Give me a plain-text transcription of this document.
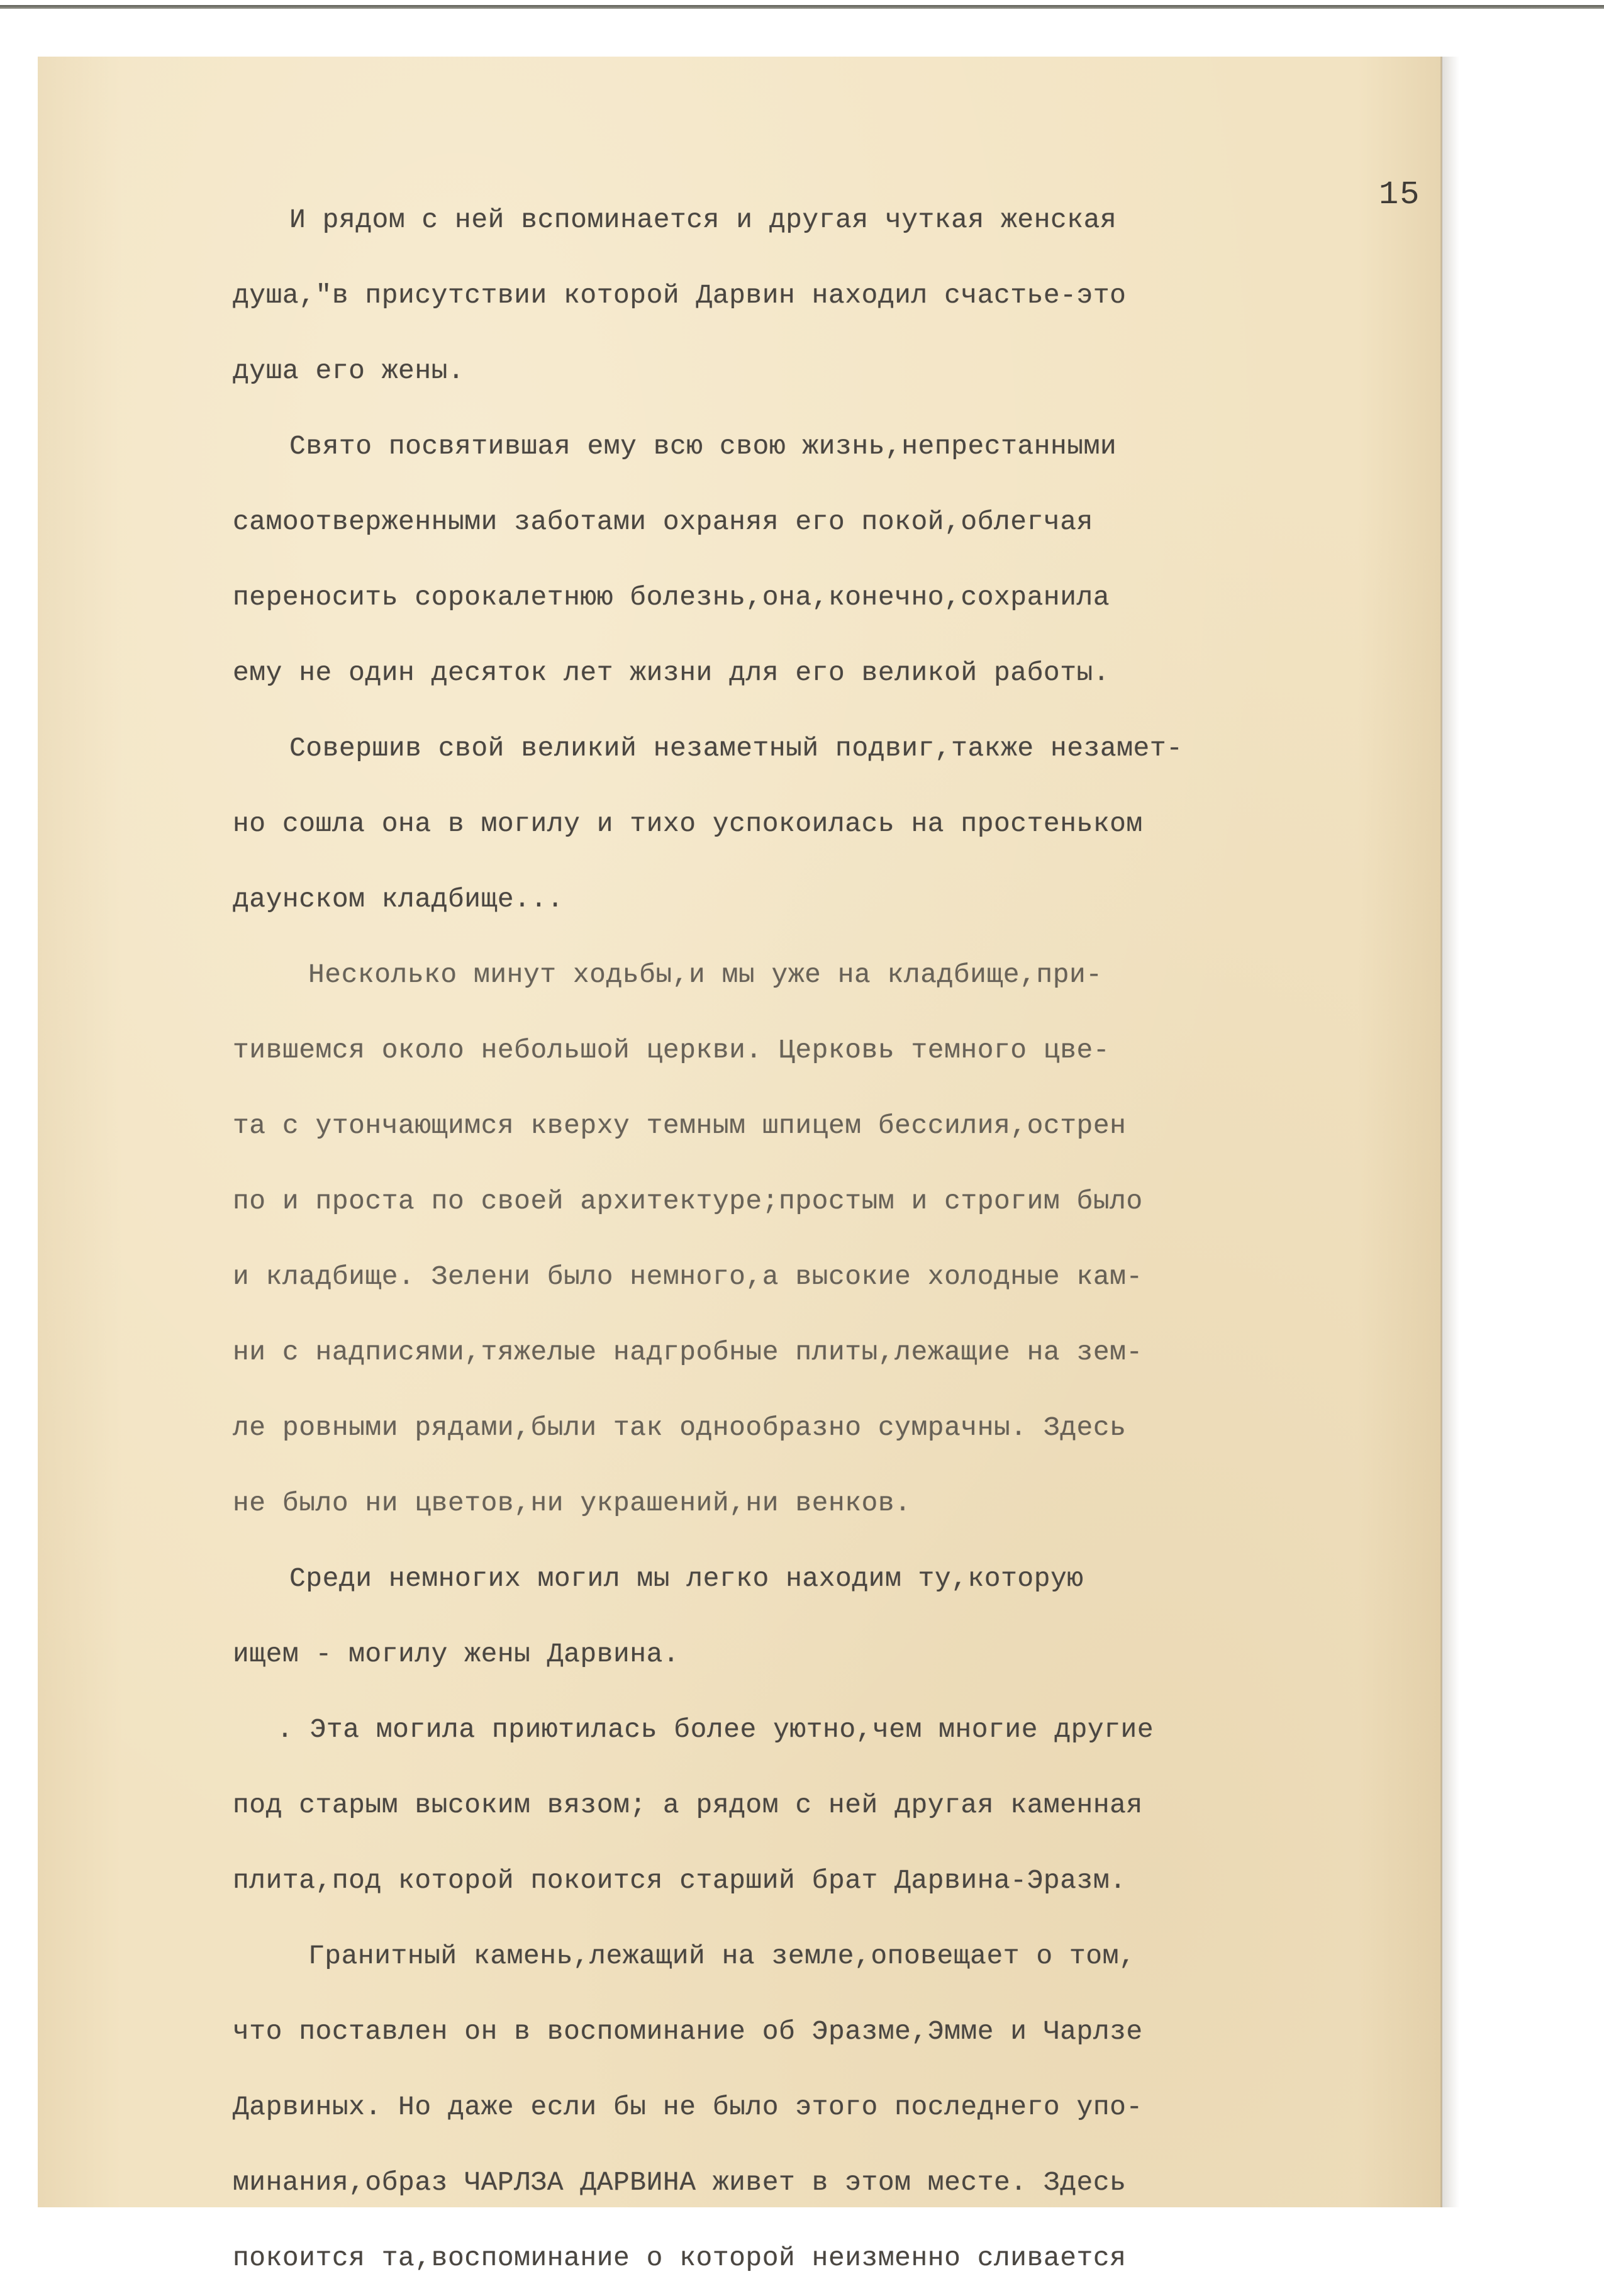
15
И рядом с ней вспоминается и другая чуткая женская
душа,"в присутствии которой Дарвин находил счастье-это
душа его жены.
Свято посвятившая ему всю свою жизнь,непрестанными
самоотверженными заботами охраняя его покой,облегчая
переносить сорокалетнюю болезнь,она,конечно,сохранила
ему не один десяток лет жизни для его великой работы.
Совершив свой великий незаметный подвиг,также незамет-
но сошла она в могилу и тихо успокоилась на простеньком
даунском кладбище...
Несколько минут ходьбы,и мы уже на кладбище,при-
тившемся около небольшой церкви. Церковь темного цве-
та с утончающимся кверху темным шпицем бессилия,острен
по и проста по своей архитектуре;простым и строгим было
и кладбище. Зелени было немного,а высокие холодные кам-
ни с надписями,тяжелые надгробные плиты,лежащие на зем-
ле ровными рядами,были так однообразно сумрачны. Здесь
не было ни цветов,ни украшений,ни венков.
Среди немногих могил мы легко находим ту,которую
ищем - могилу жены Дарвина.
. Эта могила приютилась более уютно,чем многие другие
под старым высоким вязом; а рядом с ней другая каменная
плита,под которой покоится старший брат Дарвина-Эразм.
Гранитный камень,лежащий на земле,оповещает о том,
что поставлен он в воспоминание об Эразме,Эмме и Чарлзе
Дарвиных. Но даже если бы не было этого последнего упо-
минания,образ ЧАРЛЗА ДАРВИНА живет в этом месте. Здесь
покоится та,воспоминание о которой неизменно сливается
